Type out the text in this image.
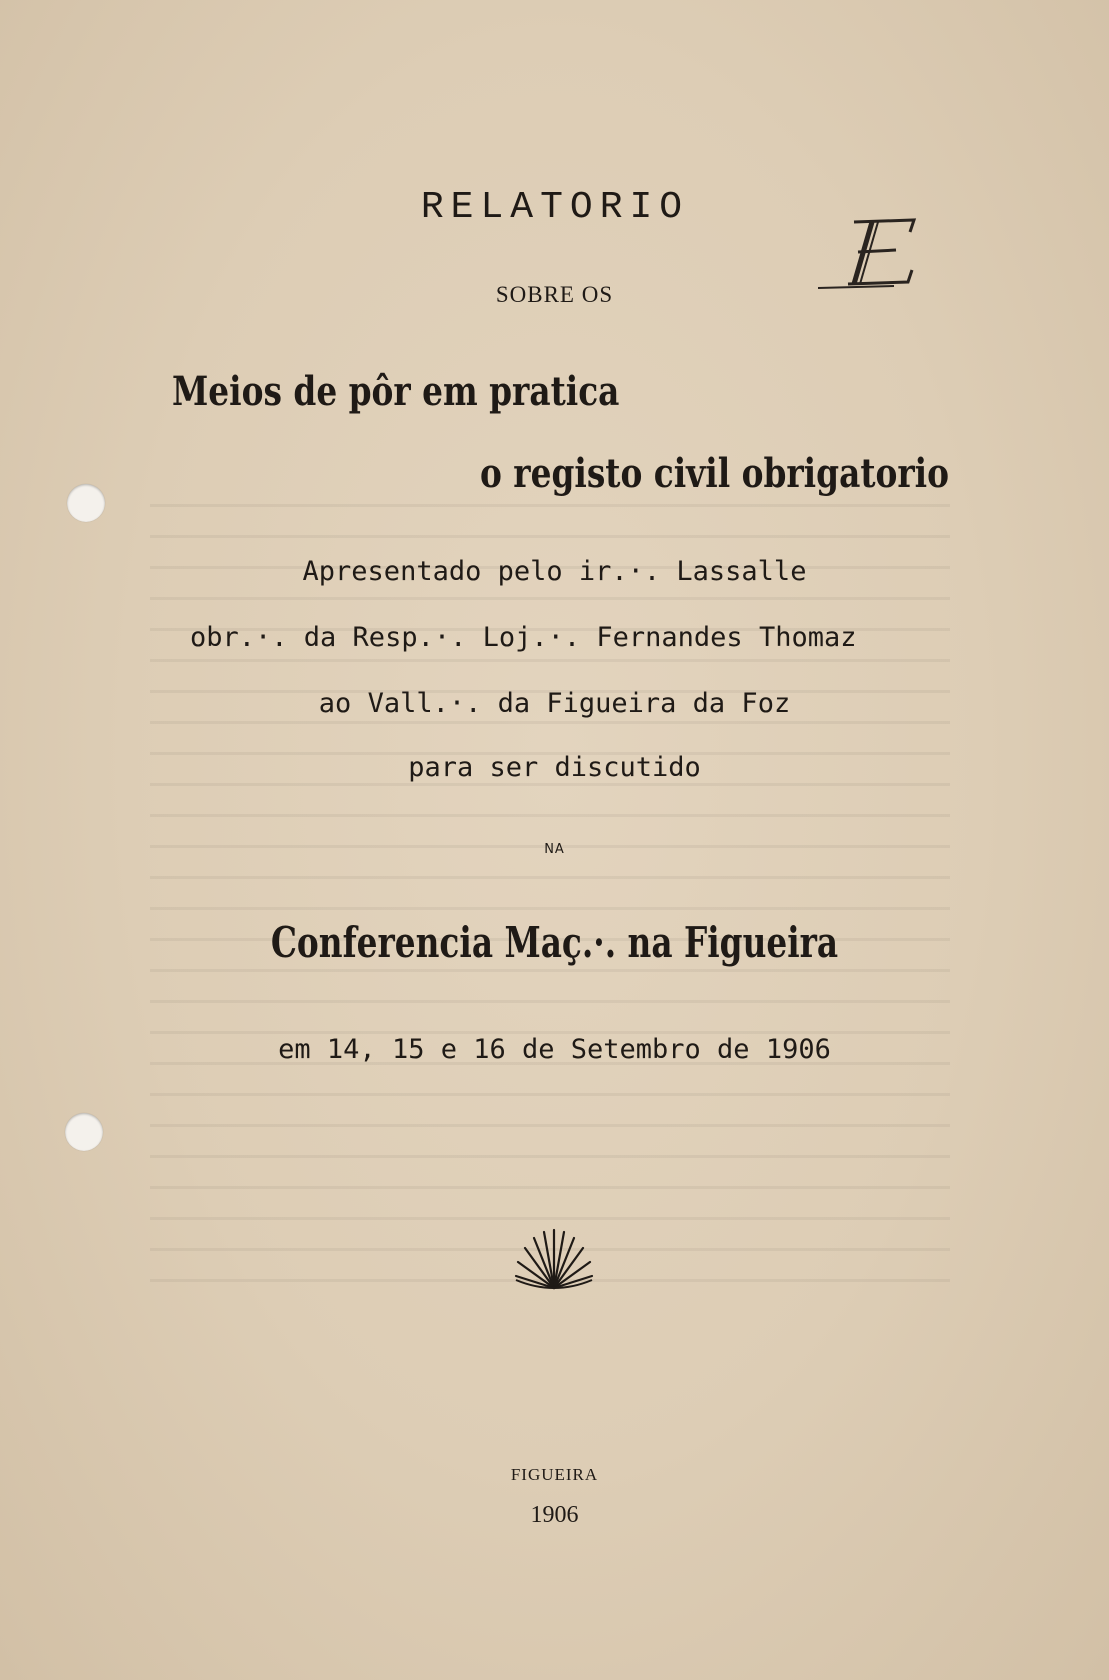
RELATORIO
SOBRE OS
Meios de pôr em pratica
o registo civil obrigatorio
Apresentado pelo ir.·. Lassalle
obr.·. da Resp.·. Loj.·. Fernandes Thomaz
ao Vall.·. da Figueira da Foz
para ser discutido
NA
Conferencia Maç.·. na Figueira
em 14, 15 e 16 de Setembro de 1906
FIGUEIRA
1906
